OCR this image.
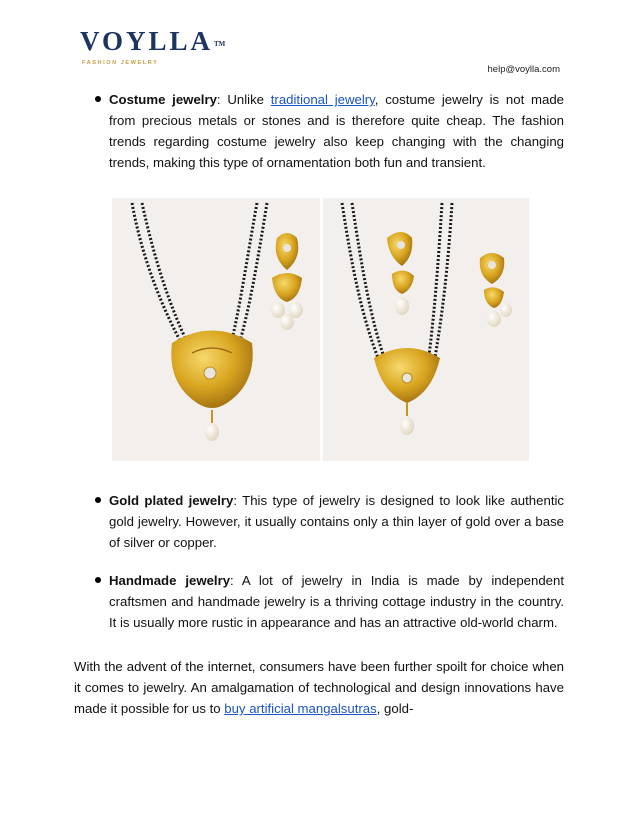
VOYLLA TM
FASHION JEWELRY
help@voylla.com
Costume jewelry: Unlike traditional jewelry, costume jewelry is not made from precious metals or stones and is therefore quite cheap. The fashion trends regarding costume jewelry also keep changing with the changing trends, making this type of ornamentation both fun and transient.
Gold plated jewelry: This type of jewelry is designed to look like authentic gold jewelry. However, it usually contains only a thin layer of gold over a base of silver or copper.
Handmade jewelry: A lot of jewelry in India is made by independent craftsmen and handmade jewelry is a thriving cottage industry in the country. It is usually more rustic in appearance and has an attractive old-world charm.

With the advent of the internet, consumers have been further spoilt for choice when it comes to jewelry. An amalgamation of technological and design innovations have made it possible for us to buy artificial mangalsutras, gold-
